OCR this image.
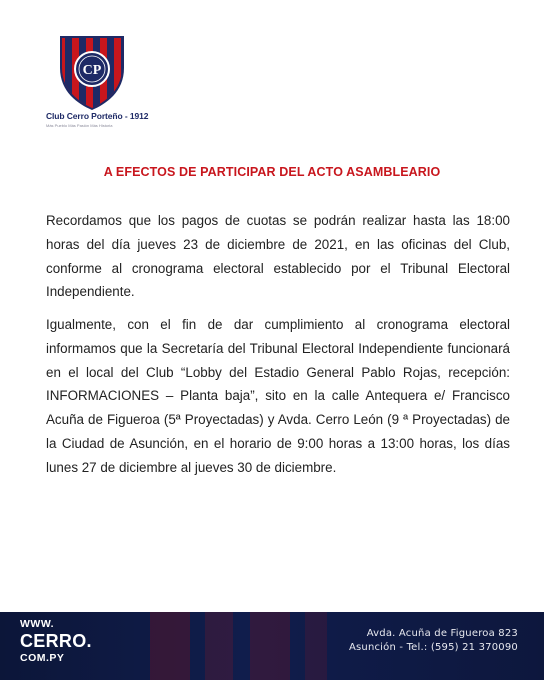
CP
Club Cerro Porteño - 1912
Más Pueblo Más Pasión Más Historia
A EFECTOS DE PARTICIPAR DEL ACTO ASAMBLEARIO

Recordamos que los pagos de cuotas se podrán realizar hasta las 18:00 horas del día jueves 23 de diciembre de 2021, en las oficinas del Club, conforme al cronograma electoral establecido por el Tribunal Electoral Independiente.

Igualmente, con el fin de dar cumplimiento al cronograma electoral informamos que la Secretaría del Tribunal Electoral Independiente funcionará en el local del Club “Lobby del Estadio General Pablo Rojas, recepción: INFORMACIONES – Planta baja”, sito en la calle Antequera e/ Francisco Acuña de Figueroa (5ª Proyectadas) y Avda. Cerro León (9 ª Proyectadas) de la Ciudad de Asunción, en el horario de 9:00 horas a 13:00 horas, los días lunes 27 de diciembre al jueves 30 de diciembre.

WWW.
CERRO.
COM.PY
Avda. Acuña de Figueroa 823
Asunción - Tel.: (595) 21 370090
